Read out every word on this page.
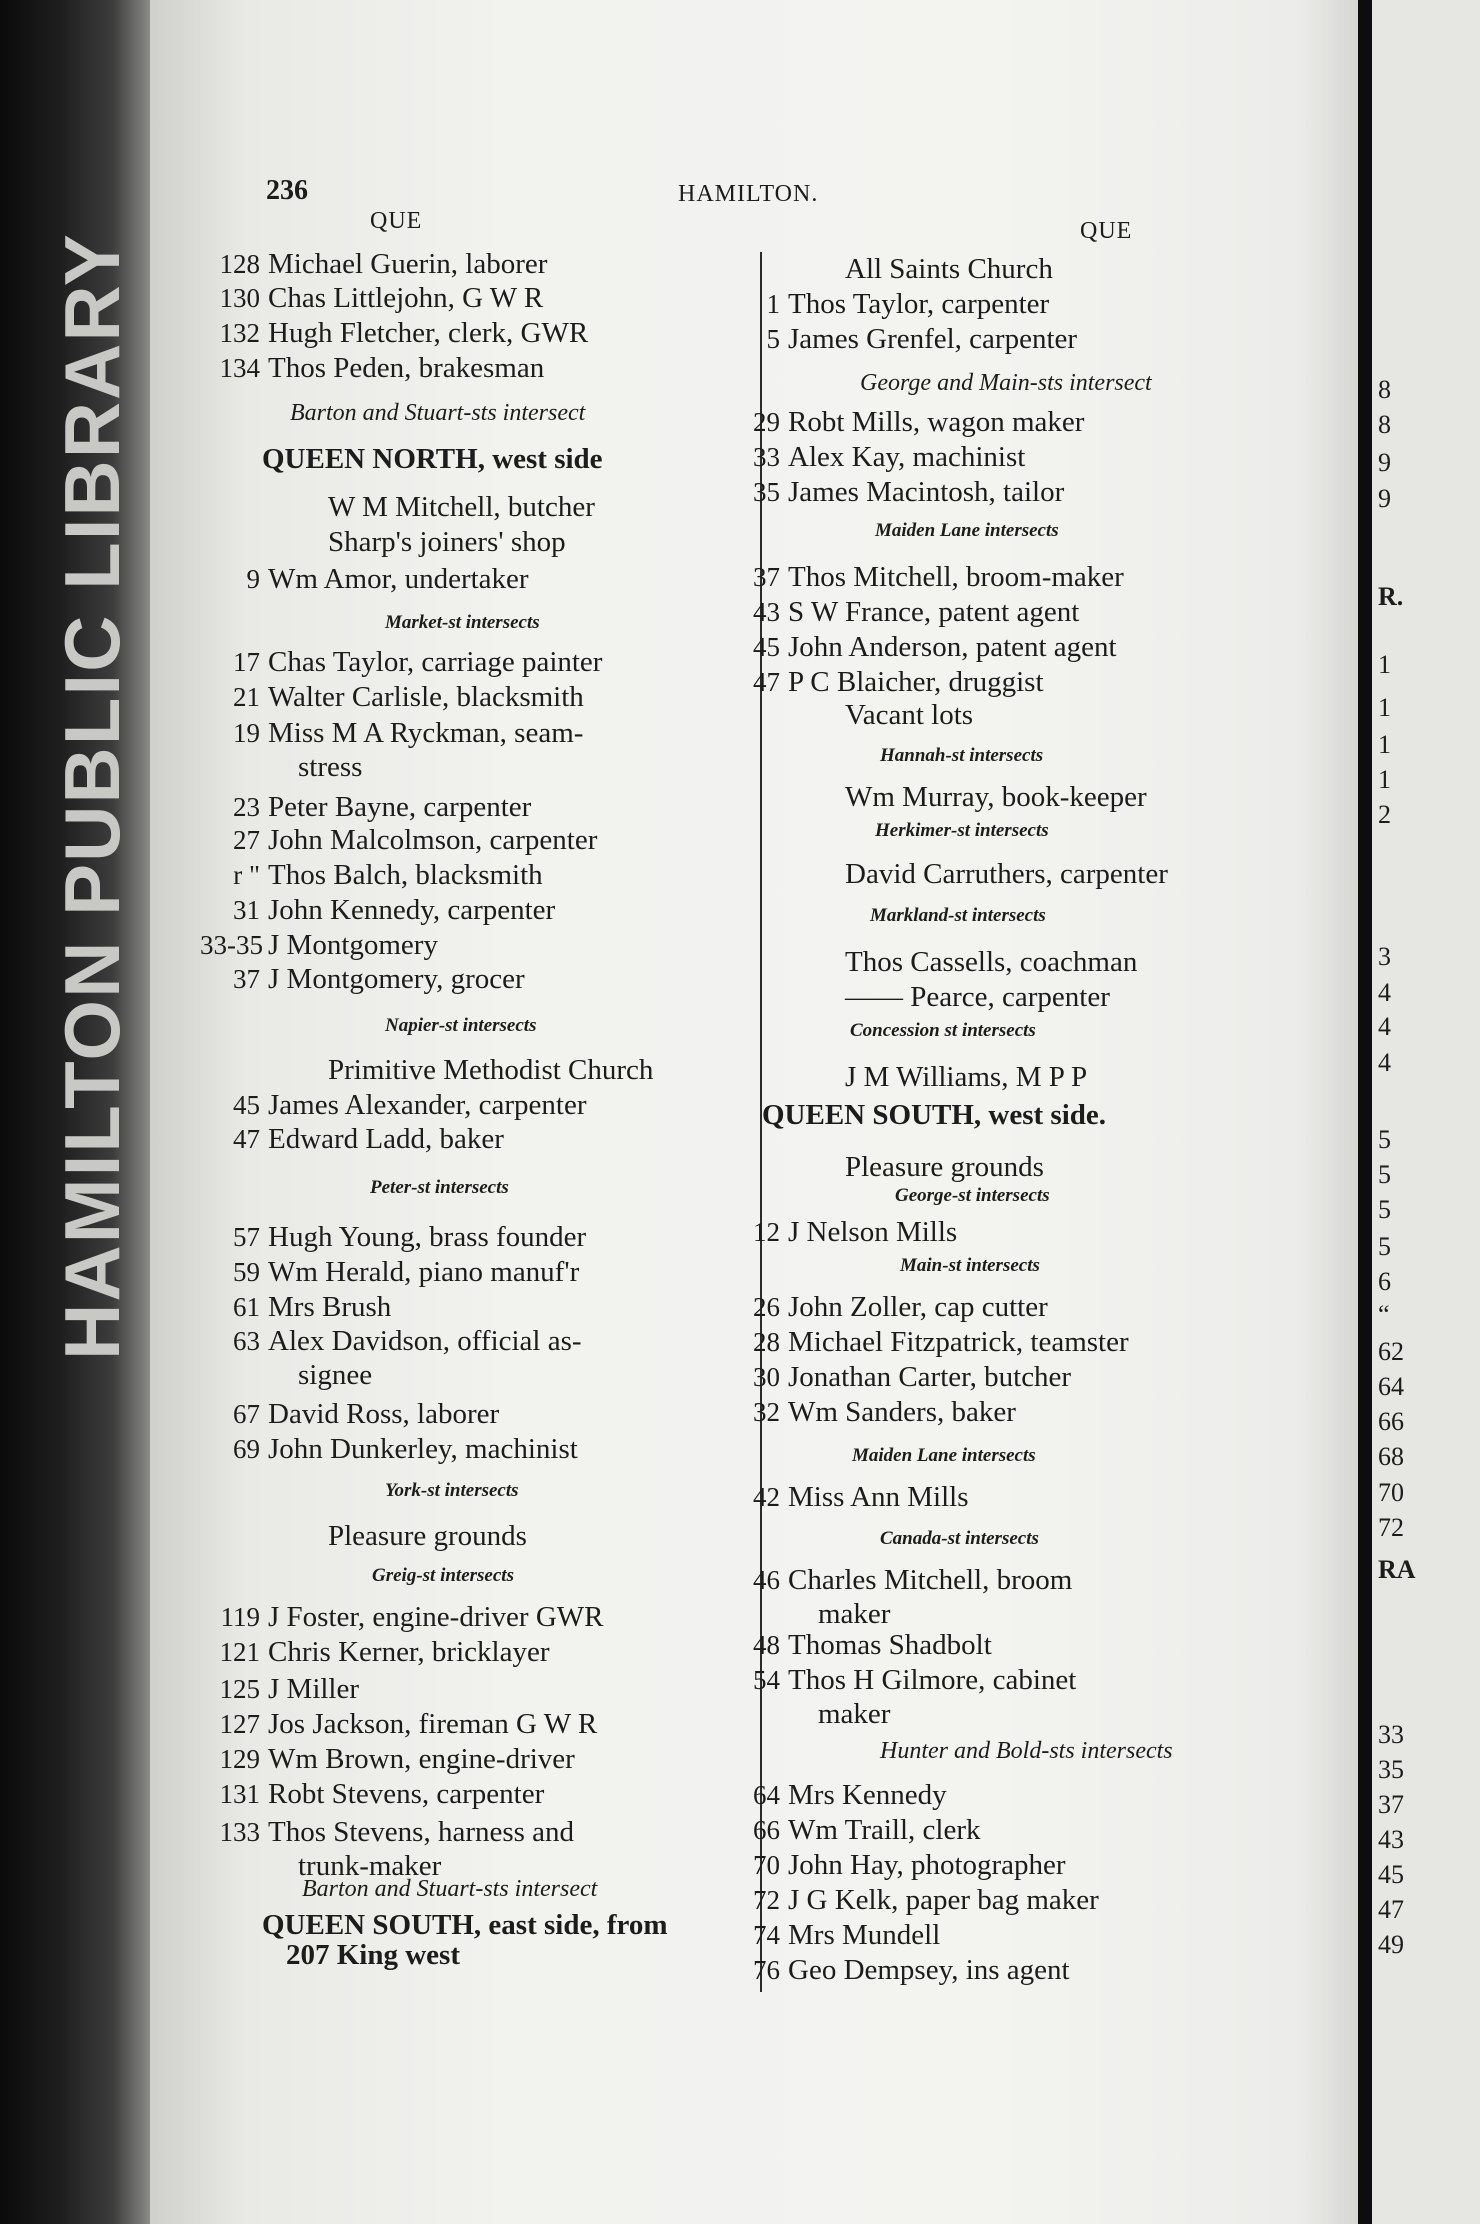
HAMILTON PUBLIC LIBRARY	8
8
9
9
R.
1
1
1
1
2
3
4
4
4
5
5
5
5
6
“
62
64
66
68
70
72
RA
33
35
37
43
45
47
49
236	HAMILTON.
QUE	QUE
128 Michael Guerin, laborer
130 Chas Littlejohn, G W R
132 Hugh Fletcher, clerk, GWR
134 Thos Peden, brakesman
Barton and Stuart-sts intersect
QUEEN NORTH, west side
W M Mitchell, butcher
Sharp's joiners' shop
9 Wm Amor, undertaker
Market-st intersects
17 Chas Taylor, carriage painter
21 Walter Carlisle, blacksmith
19 Miss M A Ryckman, seam-
stress
23 Peter Bayne, carpenter
27 John Malcolmson, carpenter
r " Thos Balch, blacksmith
31 John Kennedy, carpenter
33-35 J Montgomery
37 J Montgomery, grocer
Napier-st intersects
Primitive Methodist Church
45 James Alexander, carpenter
47 Edward Ladd, baker
Peter-st intersects
57 Hugh Young, brass founder
59 Wm Herald, piano manuf'r
61 Mrs Brush
63 Alex Davidson, official as-
signee
67 David Ross, laborer
69 John Dunkerley, machinist
York-st intersects
Pleasure grounds
Greig-st intersects
119 J Foster, engine-driver GWR
121 Chris Kerner, bricklayer
125 J Miller
127 Jos Jackson, fireman G W R
129 Wm Brown, engine-driver
131 Robt Stevens, carpenter
133 Thos Stevens, harness and
trunk-maker
Barton and Stuart-sts intersect
QUEEN SOUTH, east side, from
207 King west
All Saints Church
1 Thos Taylor, carpenter
5 James Grenfel, carpenter
George and Main-sts intersect
29 Robt Mills, wagon maker
33 Alex Kay, machinist
35 James Macintosh, tailor
Maiden Lane intersects
37 Thos Mitchell, broom-maker
43 S W France, patent agent
45 John Anderson, patent agent
47 P C Blaicher, druggist
Vacant lots
Hannah-st intersects
Wm Murray, book-keeper
Herkimer-st intersects
David Carruthers, carpenter
Markland-st intersects
Thos Cassells, coachman
—— Pearce, carpenter
Concession st intersects
J M Williams, M P P
QUEEN SOUTH, west side.
Pleasure grounds
George-st intersects
12 J Nelson Mills
Main-st intersects
26 John Zoller, cap cutter
28 Michael Fitzpatrick, teamster
30 Jonathan Carter, butcher
32 Wm Sanders, baker
Maiden Lane intersects
42 Miss Ann Mills
Canada-st intersects
46 Charles Mitchell, broom
maker
48 Thomas Shadbolt
54 Thos H Gilmore, cabinet
maker
Hunter and Bold-sts intersects
64 Mrs Kennedy
66 Wm Traill, clerk
70 John Hay, photographer
72 J G Kelk, paper bag maker
74 Mrs Mundell
76 Geo Dempsey, ins agent
